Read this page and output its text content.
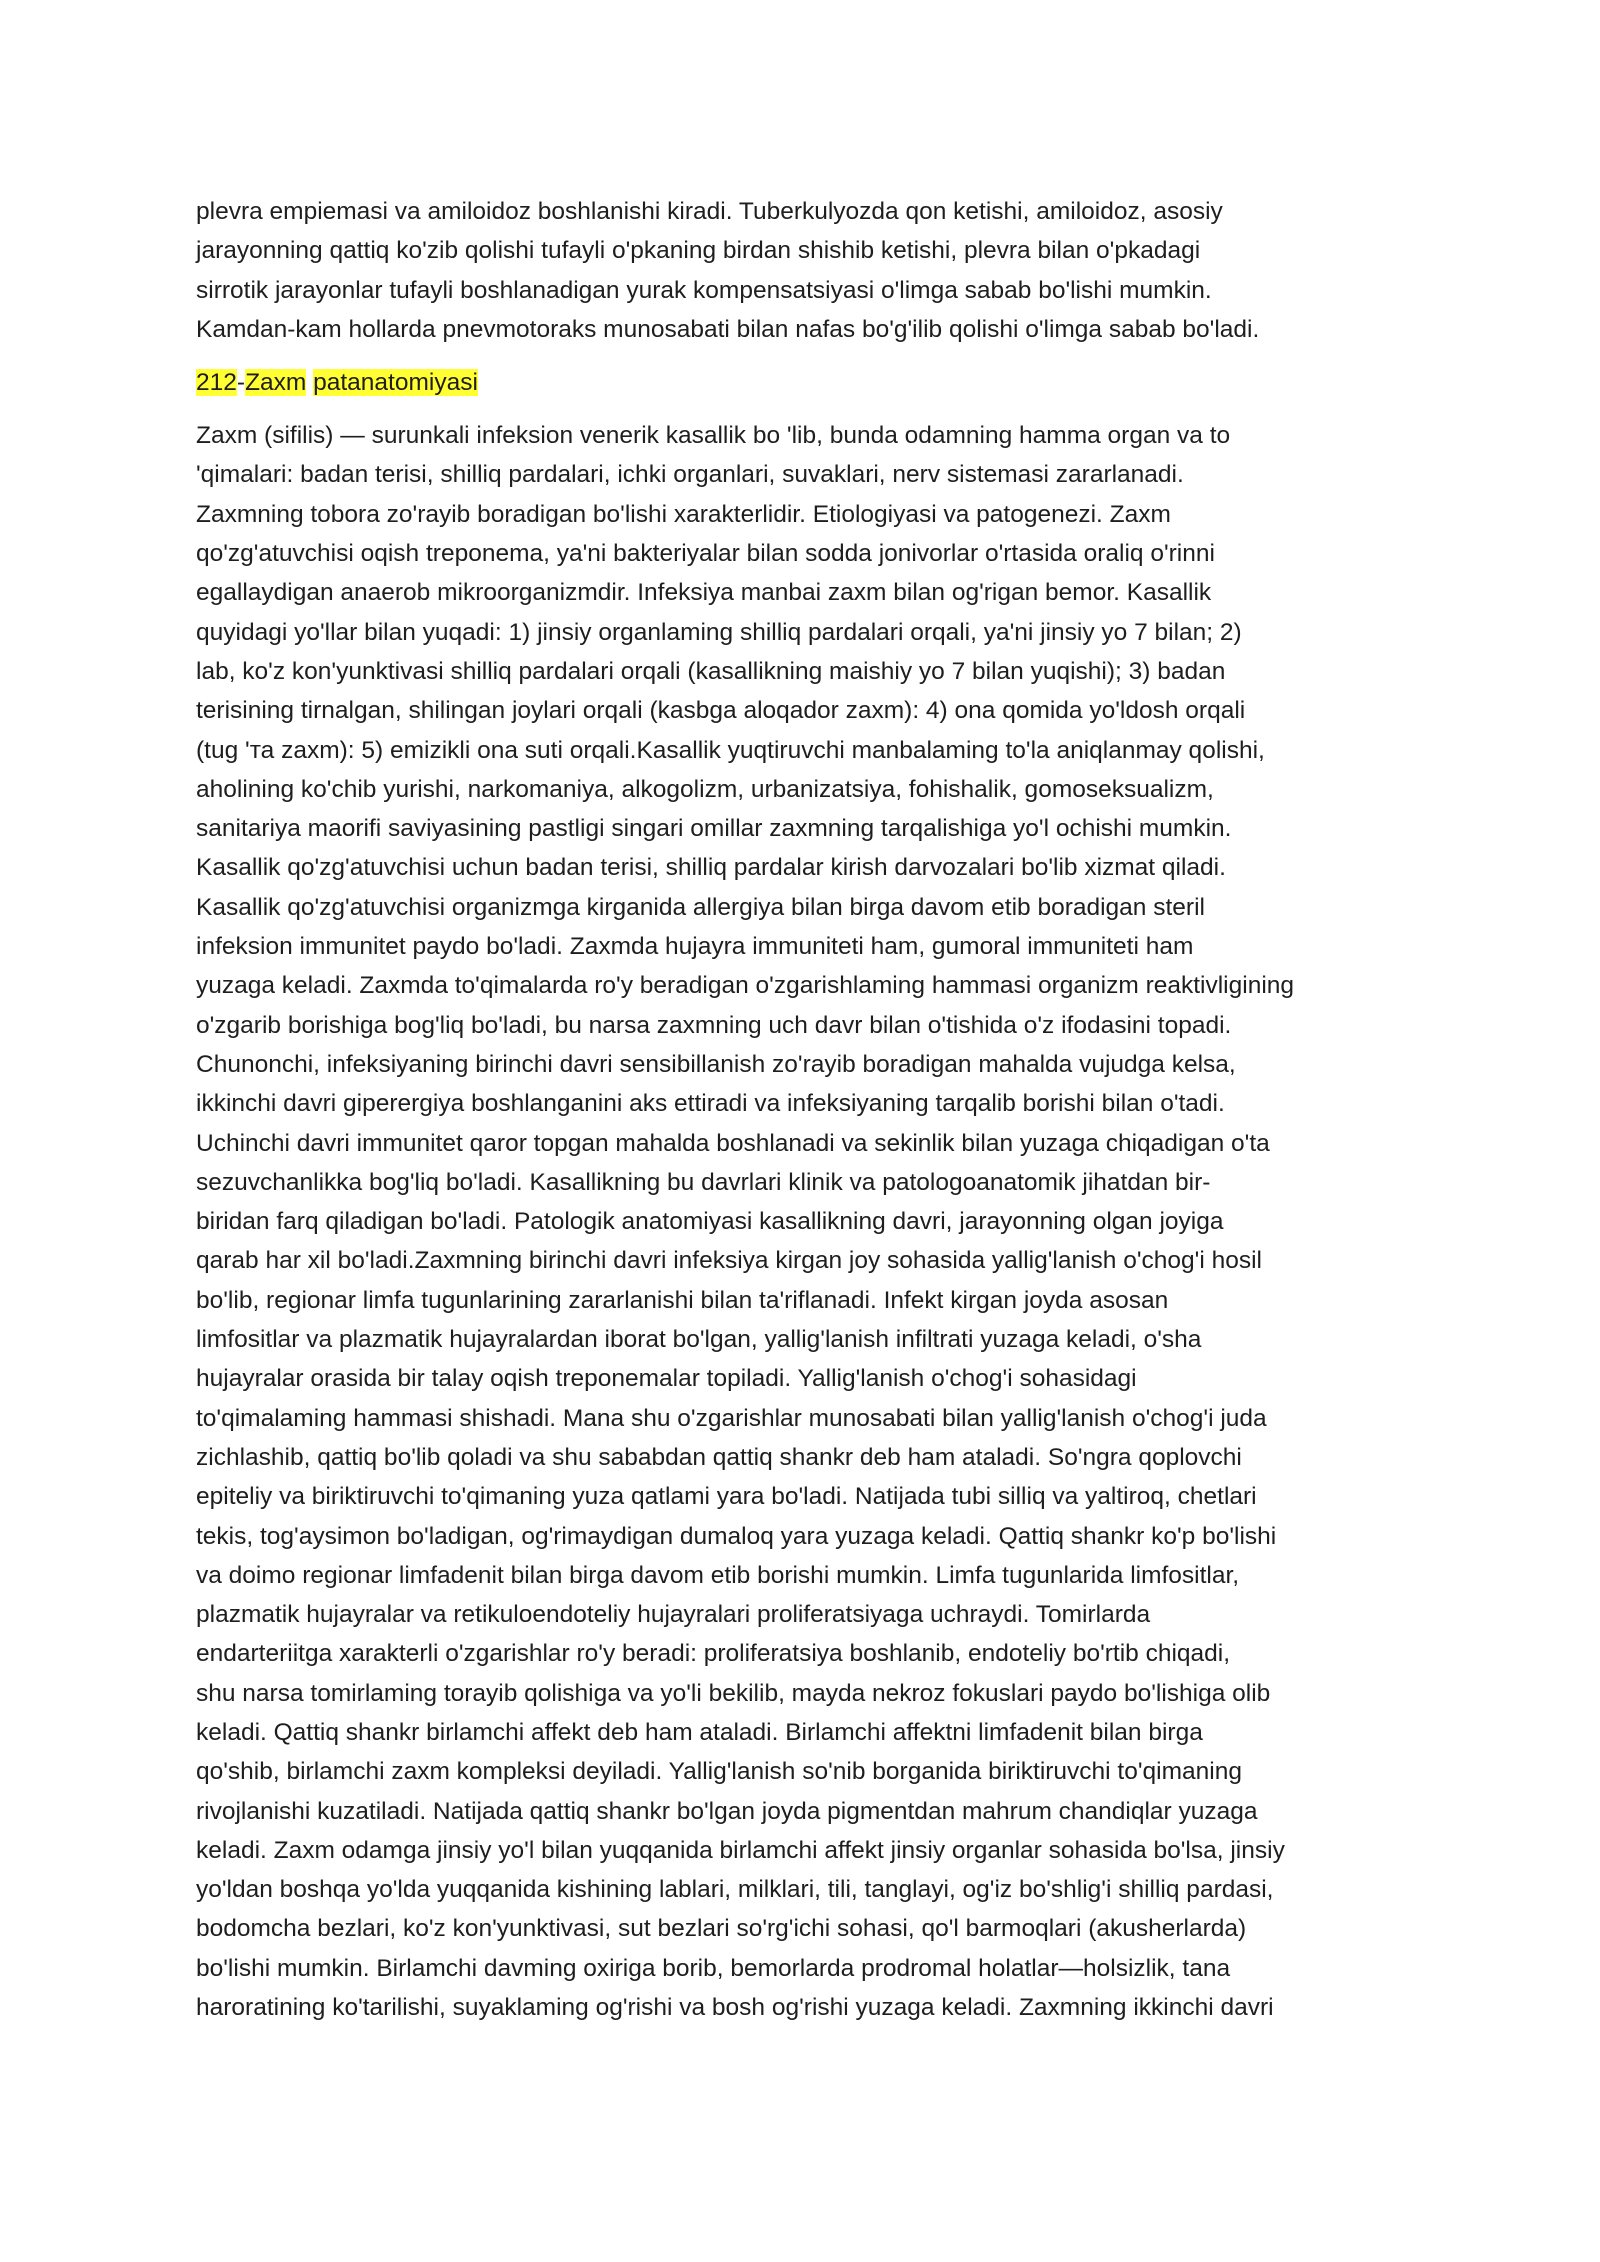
plevra empiemasi va amiloidoz boshlanishi kiradi. Tuberkulyozda qon ketishi, amiloidoz, asosiy
jarayonning qattiq ko'zib qolishi tufayli o'pkaning birdan shishib ketishi, plevra bilan o'pkadagi
sirrotik jarayonlar tufayli boshlanadigan yurak kompensatsiyasi o'limga sabab bo'lishi mumkin.
Kamdan-kam hollarda pnevmotoraks munosabati bilan nafas bo'g'ilib qolishi o'limga sabab bo'ladi.

212-Zaxm patanatomiyasi

Zaxm (sifilis) — surunkali infeksion venerik kasallik bo 'lib, bunda odamning hamma organ va to
'qimalari: badan terisi, shilliq pardalari, ichki organlari, suvaklari, nerv sistemasi zararlanadi.
Zaxmning tobora zo'rayib boradigan bo'lishi xarakterlidir. Etiologiyasi va patogenezi. Zaxm
qo'zg'atuvchisi oqish treponema, ya'ni bakteriyalar bilan sodda jonivorlar o'rtasida oraliq o'rinni
egallaydigan anaerob mikroorganizmdir. Infeksiya manbai zaxm bilan og'rigan bemor. Kasallik
quyidagi yo'llar bilan yuqadi: 1) jinsiy organlaming shilliq pardalari orqali, ya'ni jinsiy yo 7 bilan; 2)
lab, ko'z kon'yunktivasi shilliq pardalari orqali (kasallikning maishiy yo 7 bilan yuqishi); 3) badan
terisining tirnalgan, shilingan joylari orqali (kasbga aloqador zaxm): 4) ona qomida yo'ldosh orqali
(tug 'та zaxm): 5) emizikli ona suti orqali.Kasallik yuqtiruvchi manbalaming to'la aniqlanmay qolishi,
aholining ko'chib yurishi, narkomaniya, alkogolizm, urbanizatsiya, fohishalik, gomoseksualizm,
sanitariya maorifi saviyasining pastligi singari omillar zaxmning tarqalishiga yo'l ochishi mumkin.
Kasallik qo'zg'atuvchisi uchun badan terisi, shilliq pardalar kirish darvozalari bo'lib xizmat qiladi.
Kasallik qo'zg'atuvchisi organizmga kirganida allergiya bilan birga davom etib boradigan steril
infeksion immunitet paydo bo'ladi. Zaxmda hujayra immuniteti ham, gumoral immuniteti ham
yuzaga keladi. Zaxmda to'qimalarda ro'y beradigan o'zgarishlaming hammasi organizm reaktivligining
o'zgarib borishiga bog'liq bo'ladi, bu narsa zaxmning uch davr bilan o'tishida o'z ifodasini topadi.
Chunonchi, infeksiyaning birinchi davri sensibillanish zo'rayib boradigan mahalda vujudga kelsa,
ikkinchi davri giperergiya boshlanganini aks ettiradi va infeksiyaning tarqalib borishi bilan o'tadi.
Uchinchi davri immunitet qaror topgan mahalda boshlanadi va sekinlik bilan yuzaga chiqadigan o'ta
sezuvchanlikka bog'liq bo'ladi. Kasallikning bu davrlari klinik va patologoanatomik jihatdan bir-
biridan farq qiladigan bo'ladi. Patologik anatomiyasi kasallikning davri, jarayonning olgan joyiga
qarab har xil bo'ladi.Zaxmning birinchi davri infeksiya kirgan joy sohasida yallig'lanish o'chog'i hosil
bo'lib, regionar limfa tugunlarining zararlanishi bilan ta'riflanadi. Infekt kirgan joyda asosan
limfositlar va plazmatik hujayralardan iborat bo'lgan, yallig'lanish infiltrati yuzaga keladi, o'sha
hujayralar orasida bir talay oqish treponemalar topiladi. Yallig'lanish o'chog'i sohasidagi
to'qimalaming hammasi shishadi. Mana shu o'zgarishlar munosabati bilan yallig'lanish o'chog'i juda
zichlashib, qattiq bo'lib qoladi va shu sababdan qattiq shankr deb ham ataladi. So'ngra qoplovchi
epiteliy va biriktiruvchi to'qimaning yuza qatlami yara bo'ladi. Natijada tubi silliq va yaltiroq, chetlari
tekis, tog'aysimon bo'ladigan, og'rimaydigan dumaloq yara yuzaga keladi. Qattiq shankr ko'p bo'lishi
va doimo regionar limfadenit bilan birga davom etib borishi mumkin. Limfa tugunlarida limfositlar,
plazmatik hujayralar va retikuloendoteliy hujayralari proliferatsiyaga uchraydi. Tomirlarda
endarteriitga xarakterli o'zgarishlar ro'y beradi: proliferatsiya boshlanib, endoteliy bo'rtib chiqadi,
shu narsa tomirlaming torayib qolishiga va yo'li bekilib, mayda nekroz fokuslari paydo bo'lishiga olib
keladi. Qattiq shankr birlamchi affekt deb ham ataladi. Birlamchi affektni limfadenit bilan birga
qo'shib, birlamchi zaxm kompleksi deyiladi. Yallig'lanish so'nib borganida biriktiruvchi to'qimaning
rivojlanishi kuzatiladi. Natijada qattiq shankr bo'lgan joyda pigmentdan mahrum chandiqlar yuzaga
keladi. Zaxm odamga jinsiy yo'l bilan yuqqanida birlamchi affekt jinsiy organlar sohasida bo'lsa, jinsiy
yo'ldan boshqa yo'lda yuqqanida kishining lablari, milklari, tili, tanglayi, og'iz bo'shlig'i shilliq pardasi,
bodomcha bezlari, ko'z kon'yunktivasi, sut bezlari so'rg'ichi sohasi, qo'l barmoqlari (akusherlarda)
bo'lishi mumkin. Birlamchi davming oxiriga borib, bemorlarda prodromal holatlar—holsizlik, tana
haroratining ko'tarilishi, suyaklaming og'rishi va bosh og'rishi yuzaga keladi. Zaxmning ikkinchi davri
